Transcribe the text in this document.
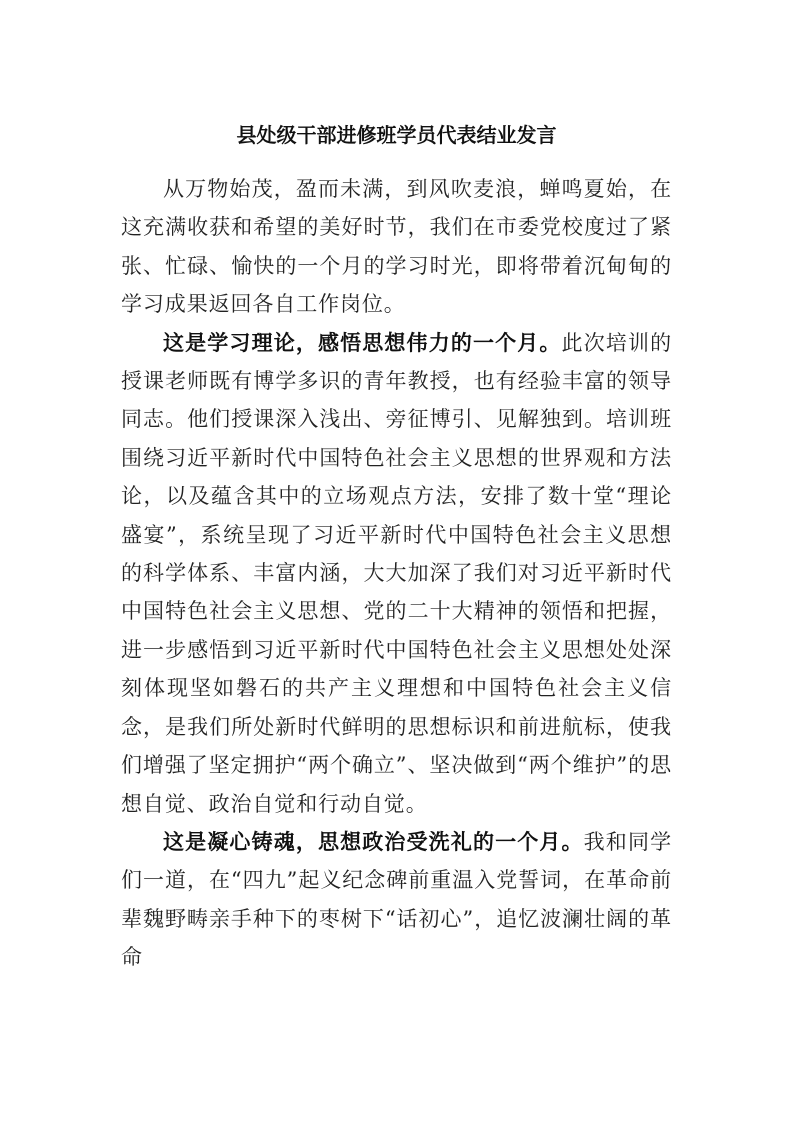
县处级干部进修班学员代表结业发言

从万物始茂，盈而未满，到风吹麦浪，蝉鸣夏始，在这充满收获和希望的美好时节，我们在市委党校度过了紧张、忙碌、愉快的一个月的学习时光，即将带着沉甸甸的学习成果返回各自工作岗位。

这是学习理论，感悟思想伟力的一个月。此次培训的授课老师既有博学多识的青年教授，也有经验丰富的领导同志。他们授课深入浅出、旁征博引、见解独到。培训班围绕习近平新时代中国特色社会主义思想的世界观和方法论，以及蕴含其中的立场观点方法，安排了数十堂“理论盛宴”，系统呈现了习近平新时代中国特色社会主义思想的科学体系、丰富内涵，大大加深了我们对习近平新时代中国特色社会主义思想、党的二十大精神的领悟和把握，进一步感悟到习近平新时代中国特色社会主义思想处处深刻体现坚如磐石的共产主义理想和中国特色社会主义信念，是我们所处新时代鲜明的思想标识和前进航标，使我们增强了坚定拥护“两个确立”、坚决做到“两个维护”的思想自觉、政治自觉和行动自觉。

这是凝心铸魂，思想政治受洗礼的一个月。我和同学们一道，在“四九”起义纪念碑前重温入党誓词，在革命前辈魏野畴亲手种下的枣树下“话初心”，追忆波澜壮阔的革命
